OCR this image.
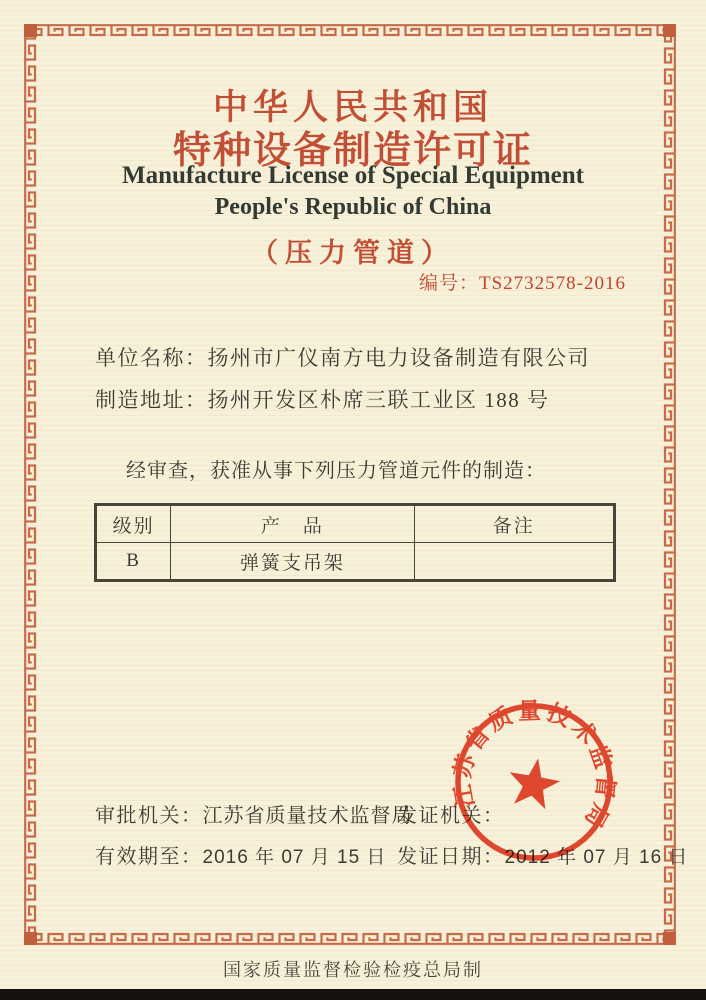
中华人民共和国
特种设备制造许可证
Manufacture License of Special Equipment
People's Republic of China
（压力管道）
编号：TS2732578-2016
单位名称：扬州市广仪南方电力设备制造有限公司
制造地址：扬州开发区朴席三联工业区 188 号
经审查，获准从事下列压力管道元件的制造：
级别	产　品	备注
B	弹簧支吊架	
审批机关：江苏省质量技术监督局
发证机关：
有效期至：2016 年 07 月 15 日 发证日期：2012 年 07 月 16 日
江苏省质量技术监督局
国家质量监督检验检疫总局制
